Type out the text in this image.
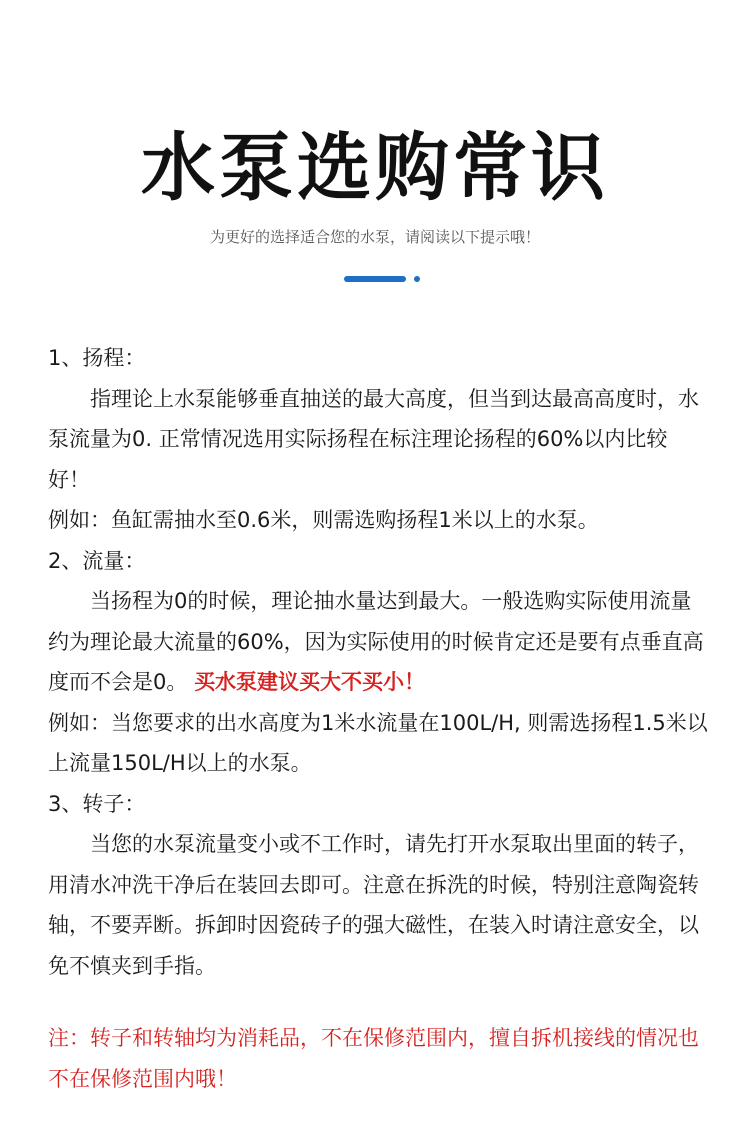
水泵选购常识
为更好的选择适合您的水泵，请阅读以下提示哦！

1、扬程：

指理论上水泵能够垂直抽送的最大高度，但当到达最高高度时，水泵流量为0. 正常情况选用实际扬程在标注理论扬程的60%以内比较好！

例如：鱼缸需抽水至0.6米，则需选购扬程1米以上的水泵。

2、流量：

当扬程为0的时候，理论抽水量达到最大。一般选购实际使用流量约为理论最大流量的60%，因为实际使用的时候肯定还是要有点垂直高度而不会是0。 买水泵建议买大不买小！

例如：当您要求的出水高度为1米水流量在100L/H, 则需选扬程1.5米以上流量150L/H以上的水泵。

3、转子：

当您的水泵流量变小或不工作时，请先打开水泵取出里面的转子，用清水冲洗干净后在装回去即可。注意在拆洗的时候，特别注意陶瓷转轴，不要弄断。拆卸时因瓷砖子的强大磁性，在装入时请注意安全，以免不慎夹到手指。

注：转子和转轴均为消耗品，不在保修范围内，擅自拆机接线的情况也不在保修范围内哦！
